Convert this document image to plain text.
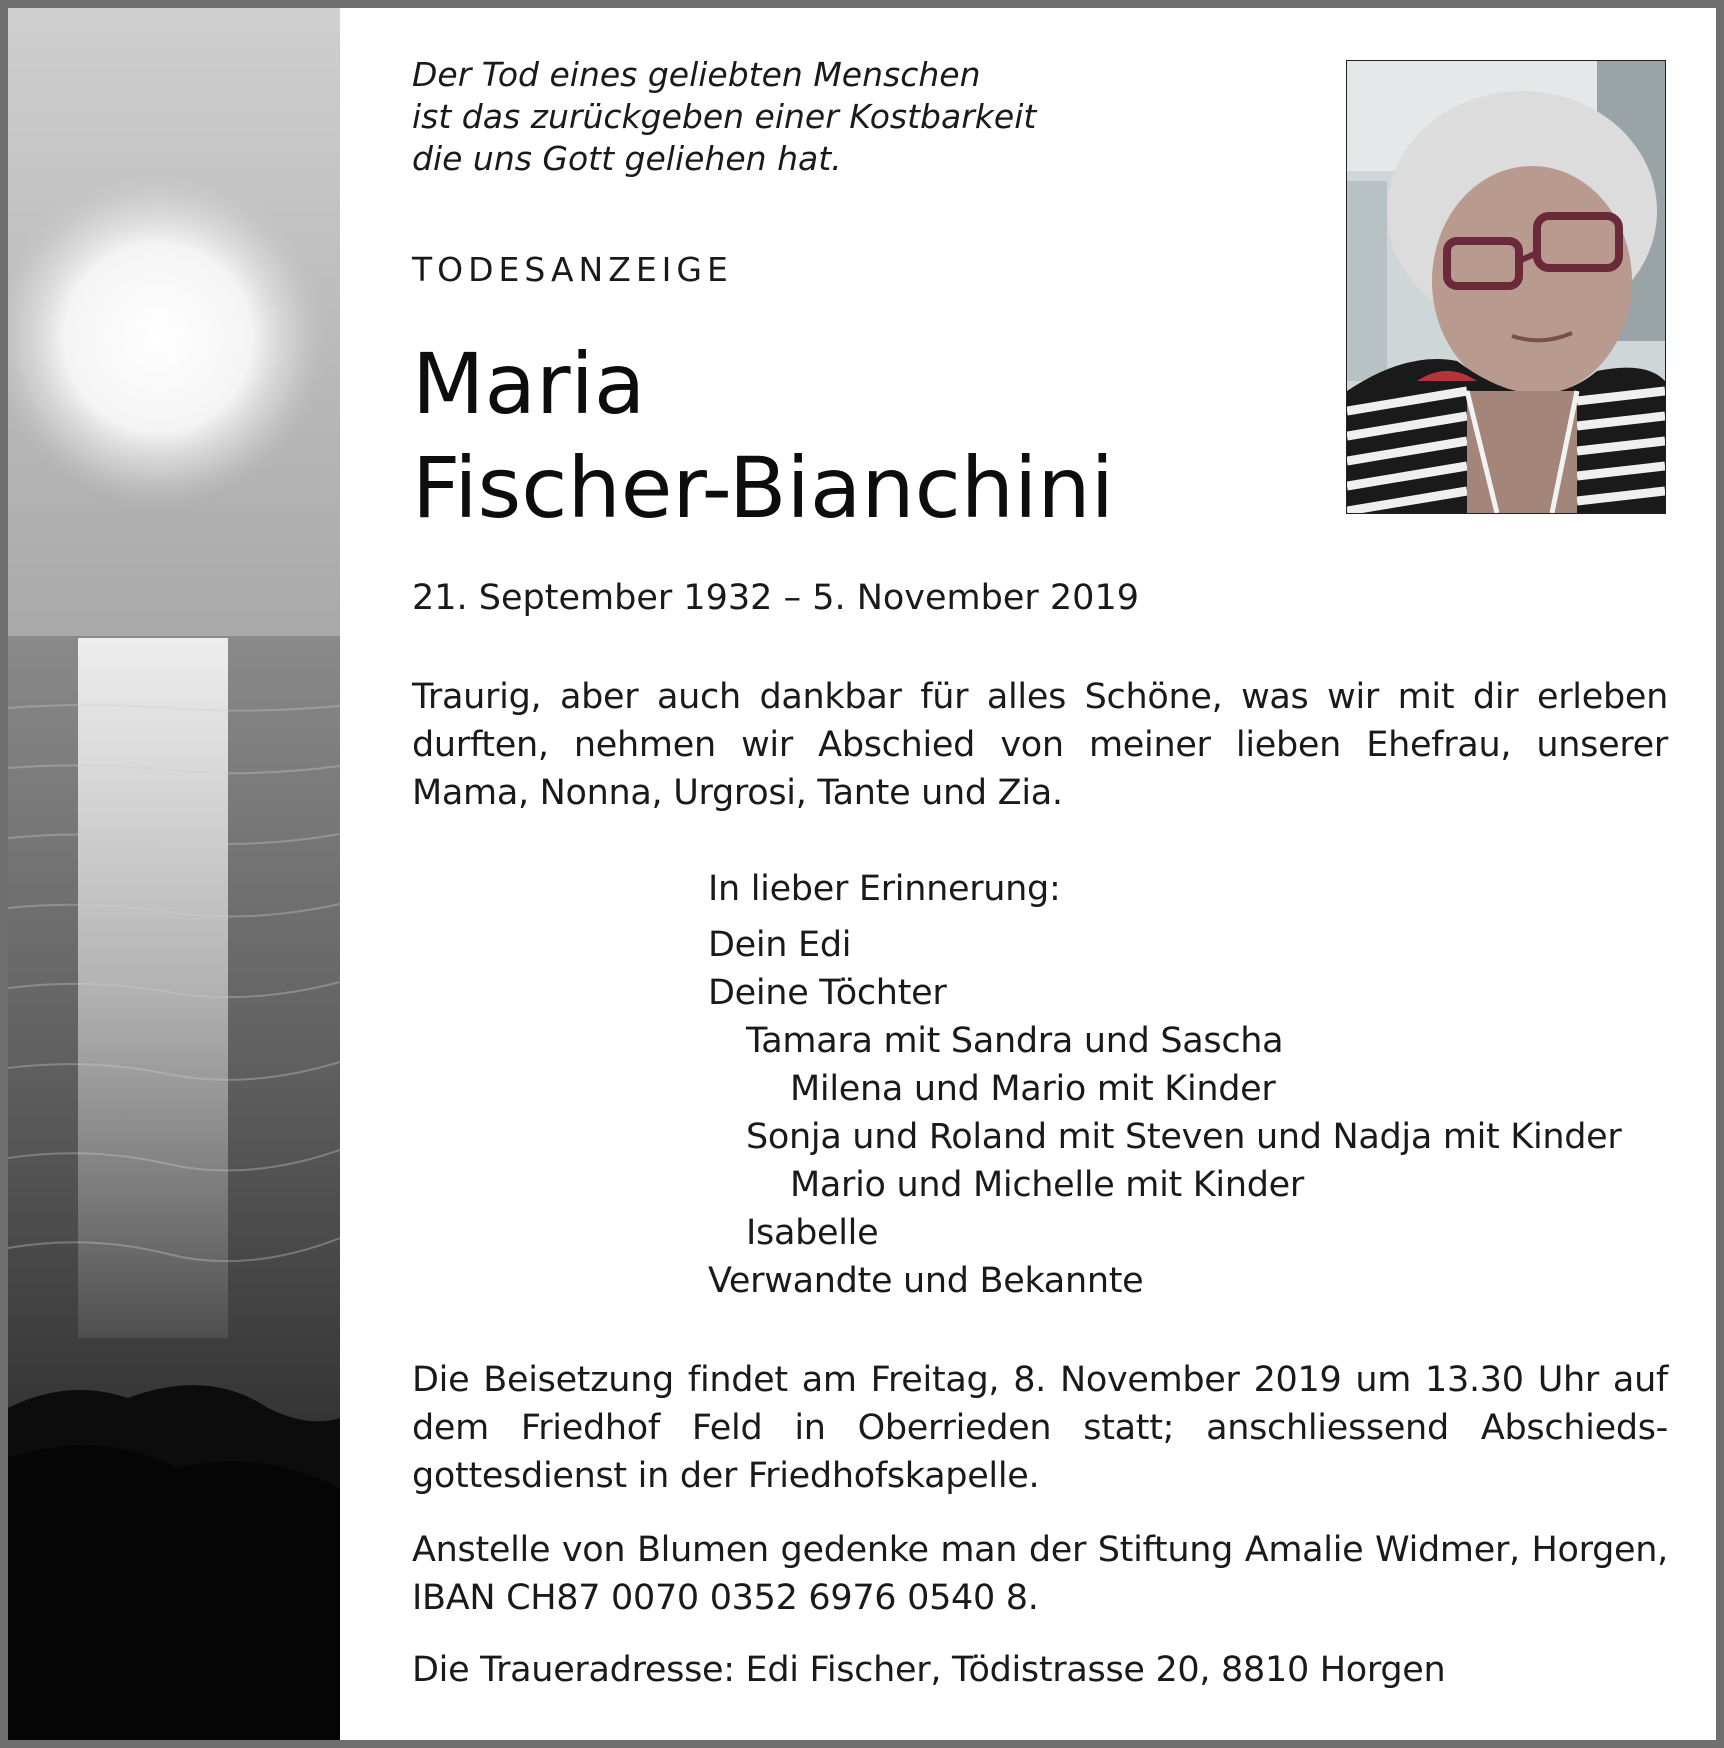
Der Tod eines geliebten Menschen
ist das zurückgeben einer Kostbarkeit
die uns Gott geliehen hat.
TODESANZEIGE
Maria
Fischer-Bianchini
21. September 1932 – 5. November 2019
Traurig, aber auch dankbar für alles Schöne, was wir mit dir erleben durften, nehmen wir Abschied von meiner lieben Ehefrau, unserer Mama, Nonna, Urgrosi, Tante und Zia.
In lieber Erinnerung:
Dein Edi
Deine Töchter
Tamara mit Sandra und Sascha
Milena und Mario mit Kinder
Sonja und Roland mit Steven und Nadja mit Kinder
Mario und Michelle mit Kinder
Isabelle
Verwandte und Bekannte
Die Beisetzung findet am Freitag, 8. November 2019 um 13.30 Uhr auf dem Friedhof Feld in Oberrieden statt; anschliessend Abschieds-gottesdienst in der Friedhofskapelle.
Anstelle von Blumen gedenke man der Stiftung Amalie Widmer, Horgen, IBAN CH87 0070 0352 6976 0540 8.
Die Traueradresse: Edi Fischer, Tödistrasse 20, 8810 Horgen
